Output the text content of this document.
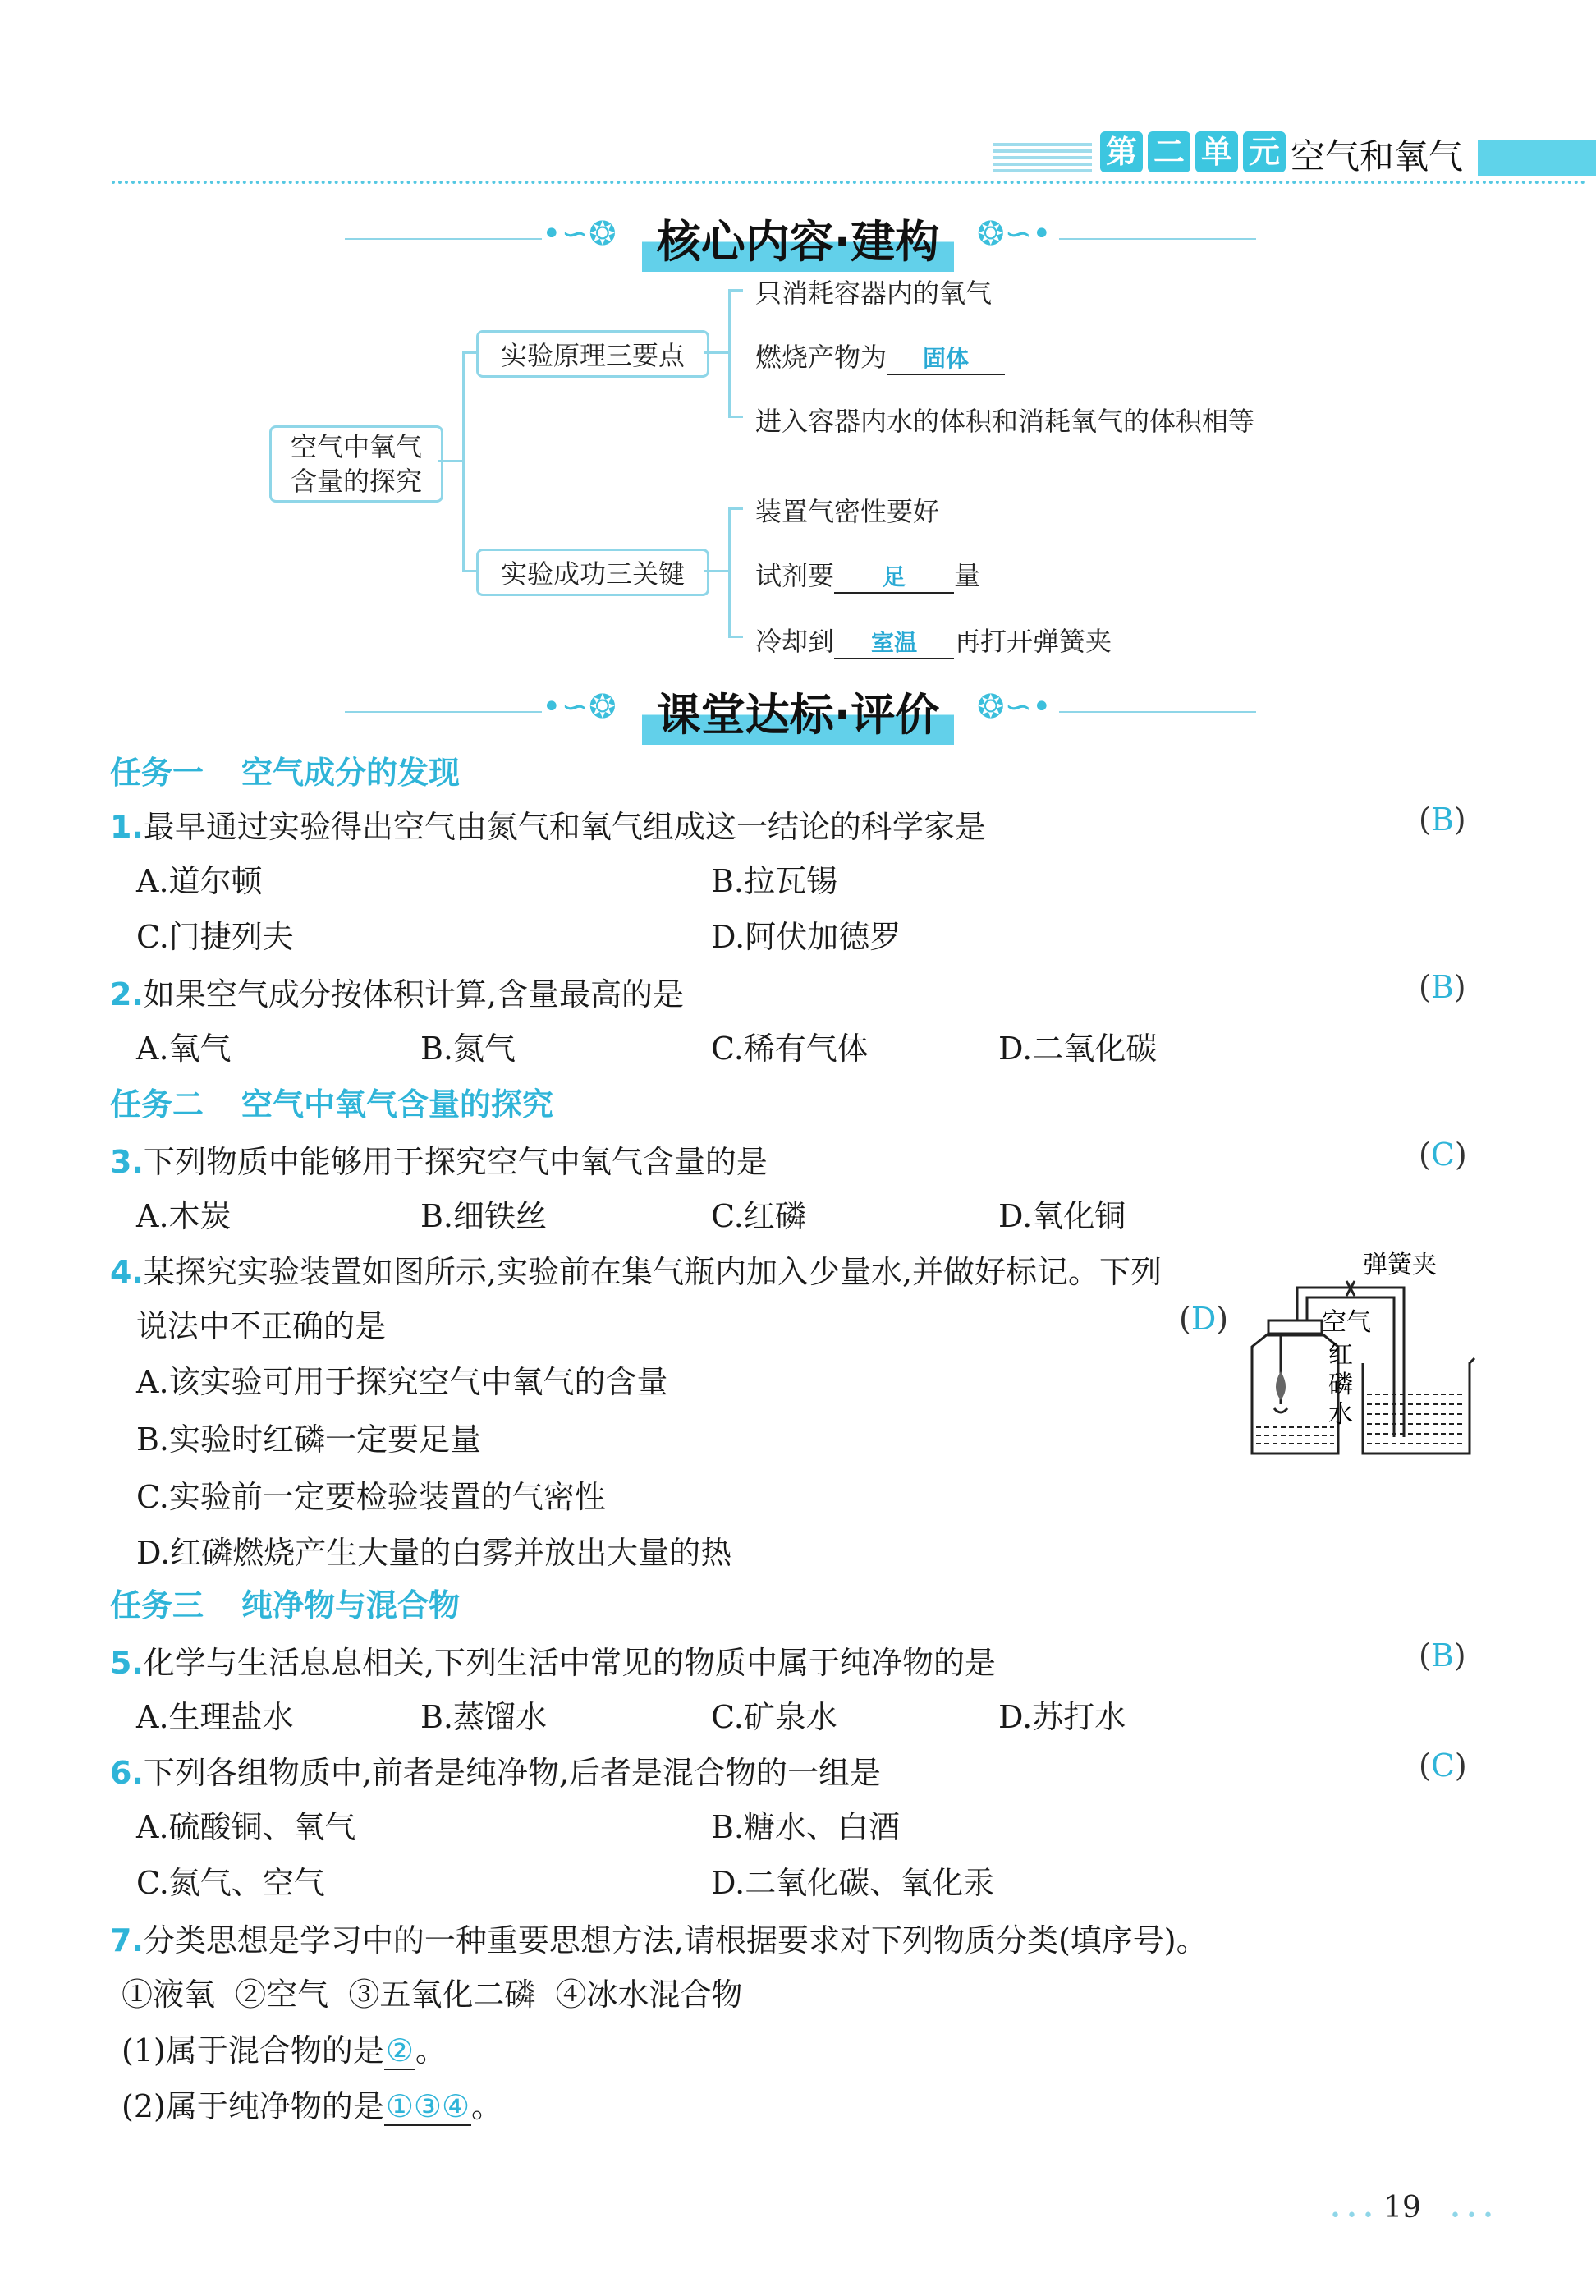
第 二 单 元 空气和氧气
•∽❂	❂∽•
核心内容·建构
空气中氧气
含量的探究
实验原理三要点
实验成功三关键
只消耗容器内的氧气
燃烧产物为 固体
进入容器内水的体积和消耗氧气的体积相等
装置气密性要好
试剂要 足 量
冷却到 室温 再打开弹簧夹
•∽❂	❂∽•
课堂达标·评价
任务一 空气成分的发现
1.最早通过实验得出空气由氮气和氧气组成这一结论的科学家是	(B)
A.道尔顿	B.拉瓦锡
C.门捷列夫	D.阿伏加德罗
2.如果空气成分按体积计算,含量最高的是	(B)
A.氧气	B.氮气	C.稀有气体	D.二氧化碳
任务二 空气中氧气含量的探究
3.下列物质中能够用于探究空气中氧气含量的是	(C)
A.木炭	B.细铁丝	C.红磷	D.氧化铜
4.某探究实验装置如图所示,实验前在集气瓶内加入少量水,并做好标记。下列
说法中不正确的是	(D)
A.该实验可用于探究空气中氧气的含量
B.实验时红磷一定要足量
C.实验前一定要检验装置的气密性
D.红磷燃烧产生大量的白雾并放出大量的热
弹簧夹
空气
红
磷
水
任务三 纯净物与混合物
5.化学与生活息息相关,下列生活中常见的物质中属于纯净物的是	(B)
A.生理盐水	B.蒸馏水	C.矿泉水	D.苏打水
6.下列各组物质中,前者是纯净物,后者是混合物的一组是	(C)
A.硫酸铜、氧气	B.糖水、白酒
C.氮气、空气	D.二氧化碳、氧化汞
7.分类思想是学习中的一种重要思想方法,请根据要求对下列物质分类(填序号)。
①液氧  ②空气  ③五氧化二磷  ④冰水混合物
(1)属于混合物的是②。
(2)属于纯净物的是①③④。
• • • 19	• • •
